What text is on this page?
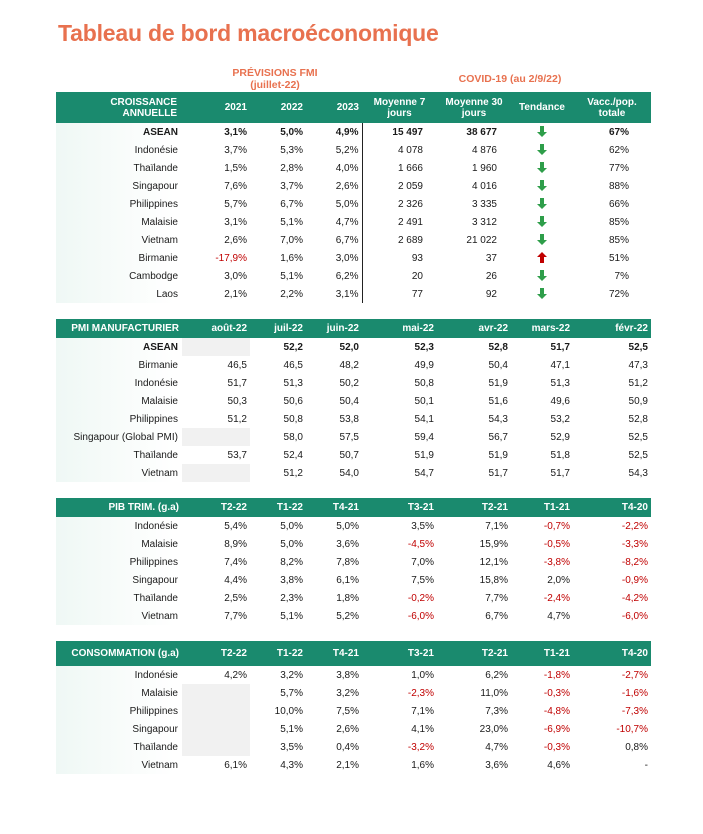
Tableau de bord macroéconomique
PRÉVISIONS FMI (juillet-22)	COVID-19 (au 2/9/22)
CROISSANCE ANNUELLE	2021	2022	2023	Moyenne 7 jours	Moyenne 30 jours	Tendance	Vacc./pop. totale
ASEAN	3,1%	5,0%	4,9%	15 497	38 677		67%
Indonésie	3,7%	5,3%	5,2%	4 078	4 876		62%
Thaïlande	1,5%	2,8%	4,0%	1 666	1 960		77%
Singapour	7,6%	3,7%	2,6%	2 059	4 016		88%
Philippines	5,7%	6,7%	5,0%	2 326	3 335		66%
Malaisie	3,1%	5,1%	4,7%	2 491	3 312		85%
Vietnam	2,6%	7,0%	6,7%	2 689	21 022		85%
Birmanie	-17,9%	1,6%	3,0%	93	37		51%
Cambodge	3,0%	5,1%	6,2%	20	26		7%
Laos	2,1%	2,2%	3,1%	77	92		72%
PMI MANUFACTURIER	août-22	juil-22	juin-22	mai-22	avr-22	mars-22	févr-22
ASEAN		52,2	52,0	52,3	52,8	51,7	52,5
Birmanie	46,5	46,5	48,2	49,9	50,4	47,1	47,3
Indonésie	51,7	51,3	50,2	50,8	51,9	51,3	51,2
Malaisie	50,3	50,6	50,4	50,1	51,6	49,6	50,9
Philippines	51,2	50,8	53,8	54,1	54,3	53,2	52,8
Singapour (Global PMI)		58,0	57,5	59,4	56,7	52,9	52,5
Thaïlande	53,7	52,4	50,7	51,9	51,9	51,8	52,5
Vietnam		51,2	54,0	54,7	51,7	51,7	54,3
PIB TRIM. (g.a)	T2-22	T1-22	T4-21	T3-21	T2-21	T1-21	T4-20
Indonésie	5,4%	5,0%	5,0%	3,5%	7,1%	-0,7%	-2,2%
Malaisie	8,9%	5,0%	3,6%	-4,5%	15,9%	-0,5%	-3,3%
Philippines	7,4%	8,2%	7,8%	7,0%	12,1%	-3,8%	-8,2%
Singapour	4,4%	3,8%	6,1%	7,5%	15,8%	2,0%	-0,9%
Thaïlande	2,5%	2,3%	1,8%	-0,2%	7,7%	-2,4%	-4,2%
Vietnam	7,7%	5,1%	5,2%	-6,0%	6,7%	4,7%	-6,0%
CONSOMMATION (g.a)	T2-22	T1-22	T4-21	T3-21	T2-21	T1-21	T4-20
Indonésie	4,2%	3,2%	3,8%	1,0%	6,2%	-1,8%	-2,7%
Malaisie		5,7%	3,2%	-2,3%	11,0%	-0,3%	-1,6%
Philippines		10,0%	7,5%	7,1%	7,3%	-4,8%	-7,3%
Singapour		5,1%	2,6%	4,1%	23,0%	-6,9%	-10,7%
Thaïlande		3,5%	0,4%	-3,2%	4,7%	-0,3%	0,8%
Vietnam	6,1%	4,3%	2,1%	1,6%	3,6%	4,6%	-
